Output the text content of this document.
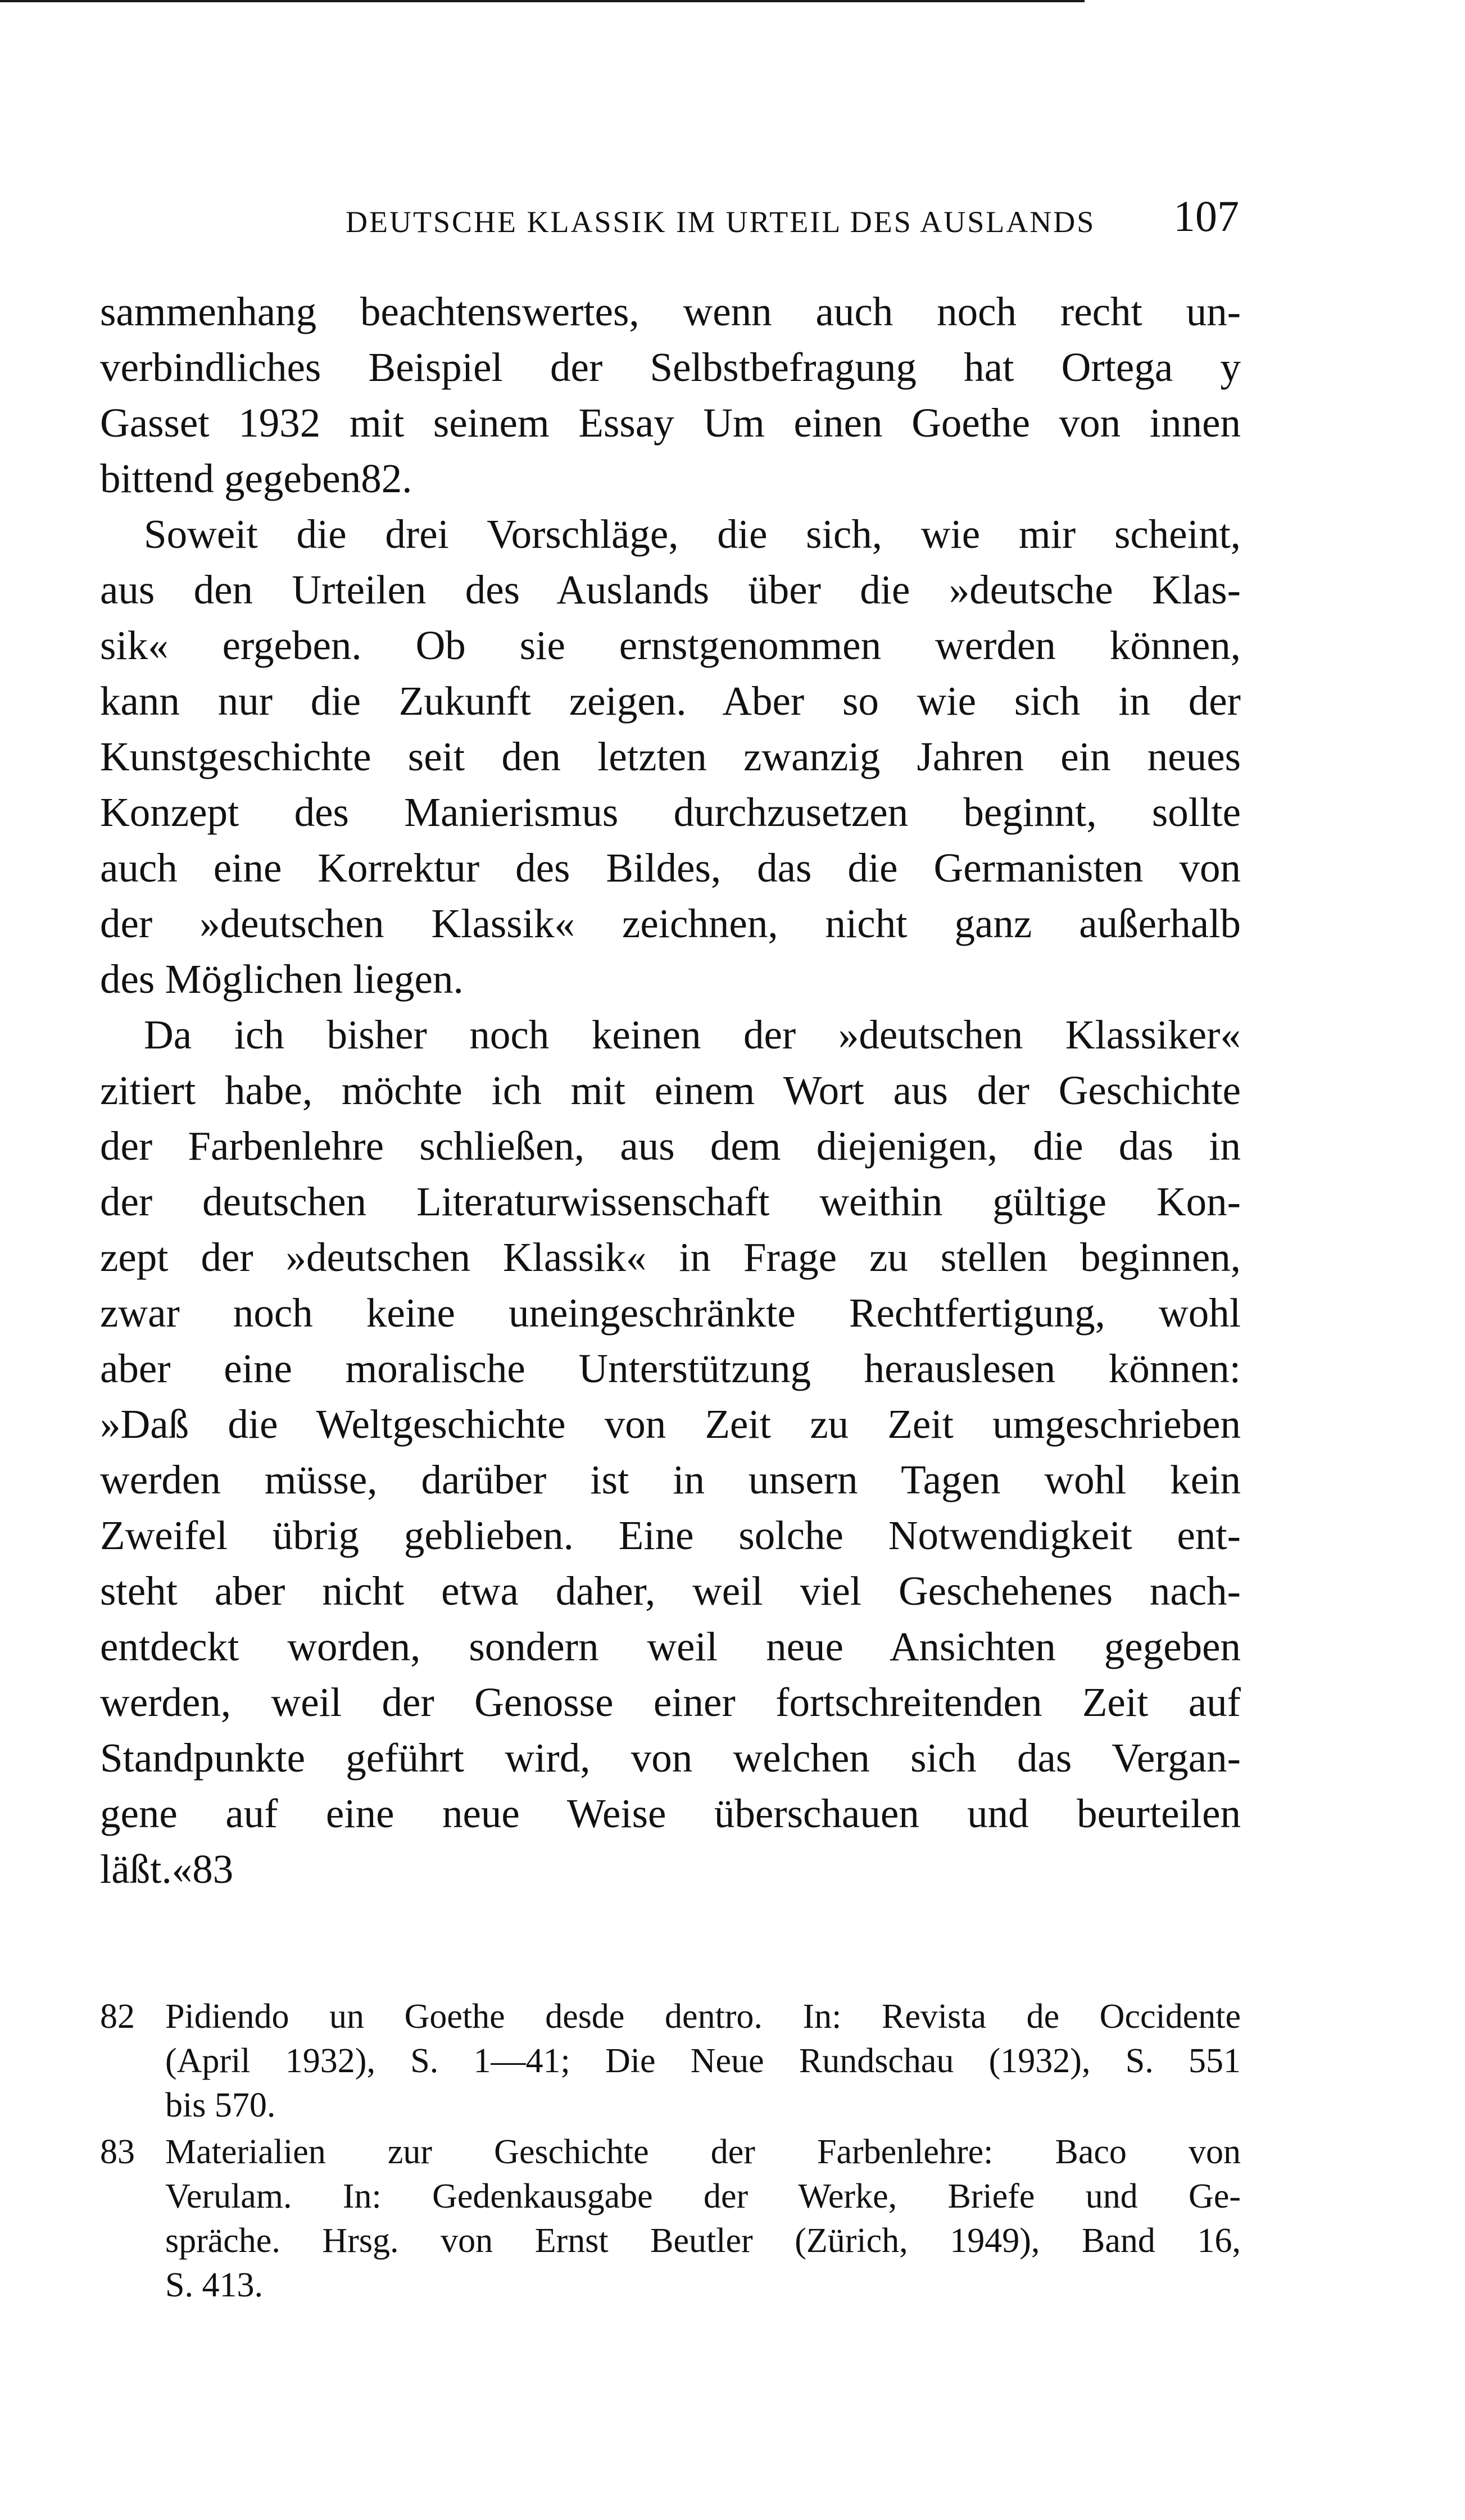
DEUTSCHE KLASSIK IM URTEIL DES AUSLANDS 107
sammenhang beachtenswertes, wenn auch noch recht un-
verbindliches Beispiel der Selbstbefragung hat Ortega y
Gasset 1932 mit seinem Essay Um einen Goethe von innen
bittend gegeben82.
Soweit die drei Vorschläge, die sich, wie mir scheint,
aus den Urteilen des Auslands über die »deutsche Klas-
sik« ergeben. Ob sie ernstgenommen werden können,
kann nur die Zukunft zeigen. Aber so wie sich in der
Kunstgeschichte seit den letzten zwanzig Jahren ein neues
Konzept des Manierismus durchzusetzen beginnt, sollte
auch eine Korrektur des Bildes, das die Germanisten von
der »deutschen Klassik« zeichnen, nicht ganz außerhalb
des Möglichen liegen.
Da ich bisher noch keinen der »deutschen Klassiker«
zitiert habe, möchte ich mit einem Wort aus der Geschichte
der Farbenlehre schließen, aus dem diejenigen, die das in
der deutschen Literaturwissenschaft weithin gültige Kon-
zept der »deutschen Klassik« in Frage zu stellen beginnen,
zwar noch keine uneingeschränkte Rechtfertigung, wohl
aber eine moralische Unterstützung herauslesen können:
»Daß die Weltgeschichte von Zeit zu Zeit umgeschrieben
werden müsse, darüber ist in unsern Tagen wohl kein
Zweifel übrig geblieben. Eine solche Notwendigkeit ent-
steht aber nicht etwa daher, weil viel Geschehenes nach-
entdeckt worden, sondern weil neue Ansichten gegeben
werden, weil der Genosse einer fortschreitenden Zeit auf
Standpunkte geführt wird, von welchen sich das Vergan-
gene auf eine neue Weise überschauen und beurteilen
läßt.«83
82 Pidiendo un Goethe desde dentro. In: Revista de Occidente
(April 1932), S. 1—41; Die Neue Rundschau (1932), S. 551
bis 570.
83 Materialien zur Geschichte der Farbenlehre: Baco von
Verulam. In: Gedenkausgabe der Werke, Briefe und Ge-
spräche. Hrsg. von Ernst Beutler (Zürich, 1949), Band 16,
S. 413.
